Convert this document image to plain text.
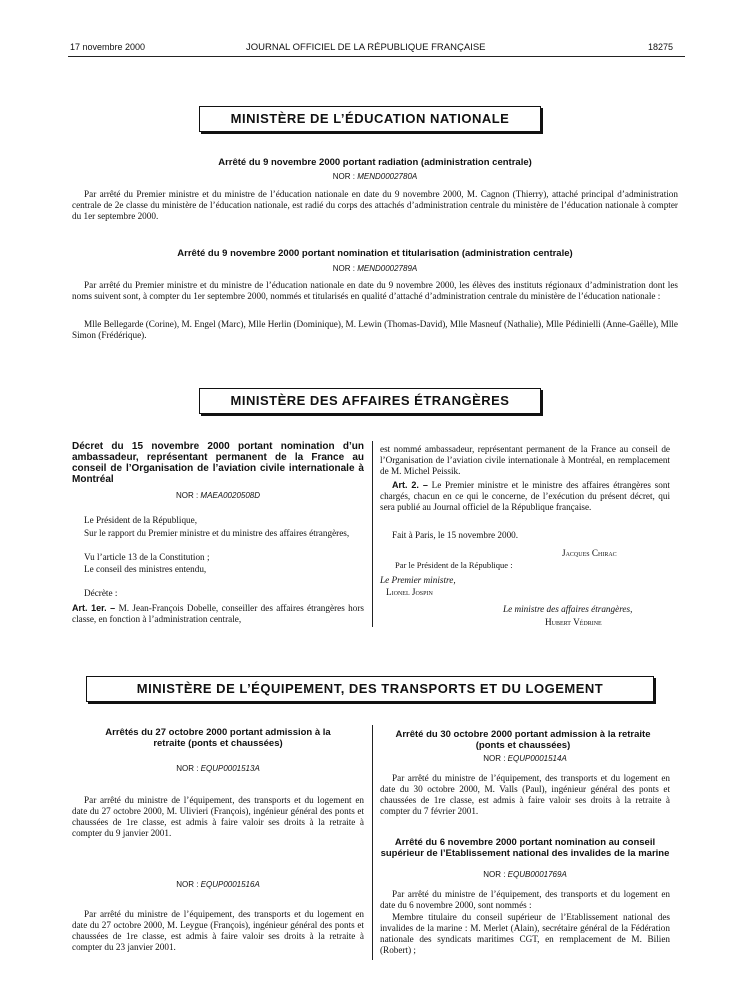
17 novembre 2000	JOURNAL OFFICIEL DE LA RÉPUBLIQUE FRANÇAISE	18275
MINISTÈRE DE L’ÉDUCATION NATIONALE
Arrêté du 9 novembre 2000 portant radiation (administration centrale)
NOR : MEND0002780A

Par arrêté du Premier ministre et du ministre de l’éducation nationale en date du 9 novembre 2000, M. Cagnon (Thierry), attaché principal d’administration centrale de 2e classe du ministère de l’éducation nationale, est radié du corps des attachés d’administration centrale du ministère de l’éducation nationale à compter du 1er septembre 2000.

Arrêté du 9 novembre 2000 portant nomination et titularisation (administration centrale)
NOR : MEND0002789A

Par arrêté du Premier ministre et du ministre de l’éducation nationale en date du 9 novembre 2000, les élèves des instituts régionaux d’administration dont les noms suivent sont, à compter du 1er septembre 2000, nommés et titularisés en qualité d’attaché d’administration centrale du ministère de l’éducation nationale :

Mlle Bellegarde (Corine), M. Engel (Marc), Mlle Herlin (Dominique), M. Lewin (Thomas-David), Mlle Masneuf (Nathalie), Mlle Pédinielli (Anne-Gaëlle), Mlle Simon (Frédérique).

MINISTÈRE DES AFFAIRES ÉTRANGÈRES
Décret du 15 novembre 2000 portant nomination d’un ambassadeur, représentant permanent de la France au conseil de l’Organisation de l’aviation civile internationale à Montréal
NOR : MAEA0020508D

Le Président de la République,

Sur le rapport du Premier ministre et du ministre des affaires étrangères,

Vu l’article 13 de la Constitution ;

Le conseil des ministres entendu,

Décrète :

Art. 1er. – M. Jean-François Dobelle, conseiller des affaires étrangères hors classe, en fonction à l’administration centrale,

est nommé ambassadeur, représentant permanent de la France au conseil de l’Organisation de l’aviation civile internationale à Montréal, en remplacement de M. Michel Peissik.

Art. 2. – Le Premier ministre et le ministre des affaires étrangères sont chargés, chacun en ce qui le concerne, de l’exécution du présent décret, qui sera publié au Journal officiel de la République française.

Fait à Paris, le 15 novembre 2000.

Jacques Chirac

Par le Président de la République :

Le Premier ministre,

Lionel Jospin

Le ministre des affaires étrangères,

Hubert Védrine

MINISTÈRE DE L’ÉQUIPEMENT, DES TRANSPORTS ET DU LOGEMENT
Arrêtés du 27 octobre 2000 portant admission à la retraite (ponts et chaussées)
NOR : EQUP0001513A

Par arrêté du ministre de l’équipement, des transports et du logement en date du 27 octobre 2000, M. Ulivieri (François), ingénieur général des ponts et chaussées de 1re classe, est admis à faire valoir ses droits à la retraite à compter du 9 janvier 2001.

NOR : EQUP0001516A

Par arrêté du ministre de l’équipement, des transports et du logement en date du 27 octobre 2000, M. Leygue (François), ingénieur général des ponts et chaussées de 1re classe, est admis à faire valoir ses droits à la retraite à compter du 23 janvier 2001.

Arrêté du 30 octobre 2000 portant admission à la retraite (ponts et chaussées)
NOR : EQUP0001514A

Par arrêté du ministre de l’équipement, des transports et du logement en date du 30 octobre 2000, M. Valls (Paul), ingénieur général des ponts et chaussées de 1re classe, est admis à faire valoir ses droits à la retraite à compter du 7 février 2001.

Arrêté du 6 novembre 2000 portant nomination au conseil supérieur de l’Etablissement national des invalides de la marine
NOR : EQUB0001769A

Par arrêté du ministre de l’équipement, des transports et du logement en date du 6 novembre 2000, sont nommés :

Membre titulaire du conseil supérieur de l’Etablissement national des invalides de la marine : M. Merlet (Alain), secrétaire général de la Fédération nationale des syndicats maritimes CGT, en remplacement de M. Bilien (Robert) ;
